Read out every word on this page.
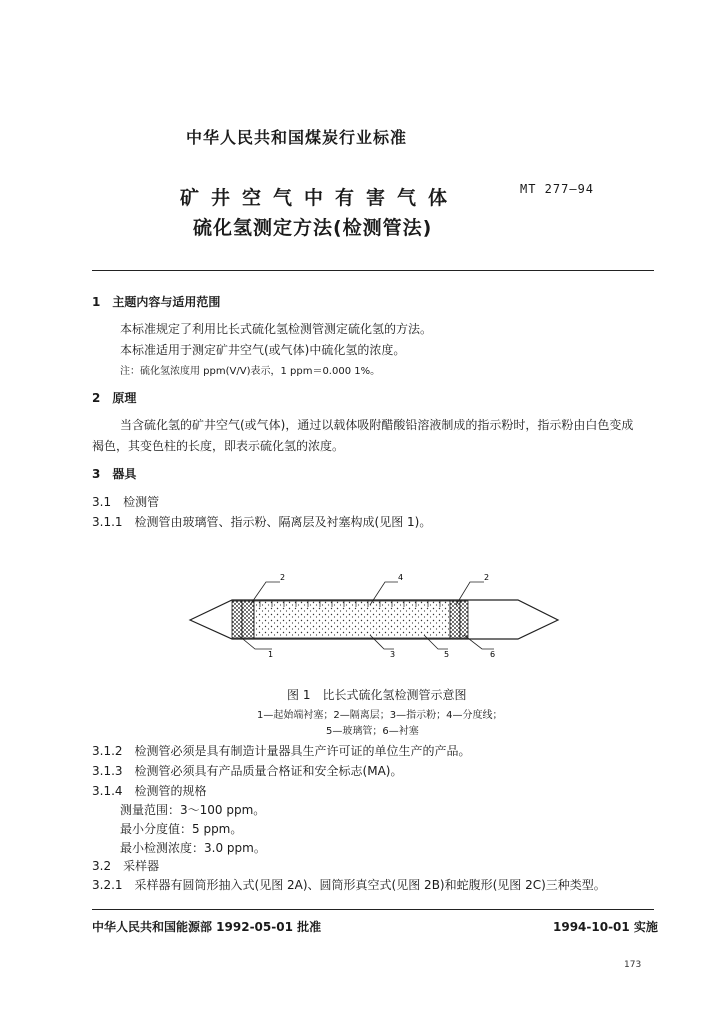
中华人民共和国煤炭行业标准
矿井空气中有害气体
硫化氢测定方法(检测管法)
MT 277—94
1　主题内容与适用范围
本标准规定了利用比长式硫化氢检测管测定硫化氢的方法。
本标准适用于测定矿井空气(或气体)中硫化氢的浓度。
注：硫化氢浓度用 ppm(V/V)表示，1 ppm＝0.000 1%。
2　原理
当含硫化氢的矿井空气(或气体)，通过以载体吸附醋酸铅溶液制成的指示粉时，指示粉由白色变成
褐色，其变色柱的长度，即表示硫化氢的浓度。
3　器具
3.1　检测管
3.1.1　检测管由玻璃管、指示粉、隔离层及衬塞构成(见图 1)。
2	4	2
1	3	5	6
图 1　比长式硫化氢检测管示意图
1—起始端衬塞；2—隔离层；3—指示粉；4—分度线；
5—玻璃管；6—衬塞
3.1.2　检测管必须是具有制造计量器具生产许可证的单位生产的产品。
3.1.3　检测管必须具有产品质量合格证和安全标志(MA)。
3.1.4　检测管的规格
测量范围：3～100 ppm。
最小分度值：5 ppm。
最小检测浓度：3.0 ppm。
3.2　采样器
3.2.1　采样器有圆筒形抽入式(见图 2A)、圆筒形真空式(见图 2B)和蛇腹形(见图 2C)三种类型。
中华人民共和国能源部 1992-05-01 批准	1994-10-01 实施
173
